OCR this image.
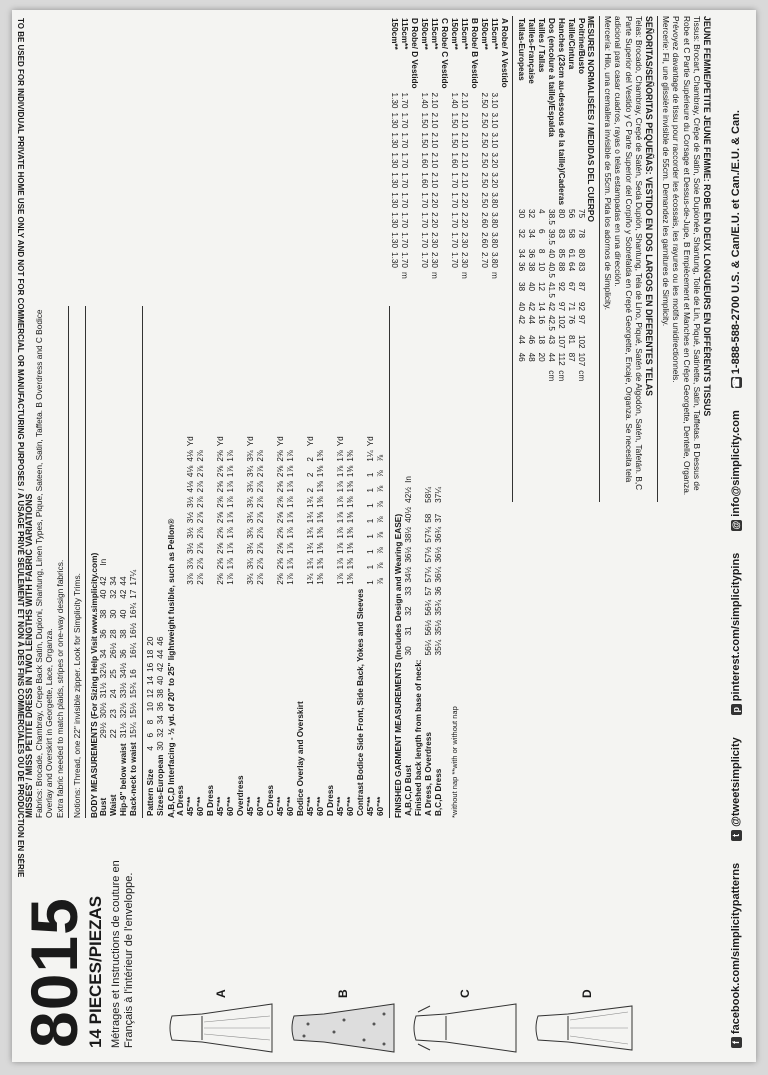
8015
14 PIECES/PIEZAS Métrages et Instructions de couture en Français à l'intérieur de l'enveloppe.	A	B	C	D
MISSES' / MISS PETITE DRESS IN TWO LENGTHS WITH FABRIC VARIATIONS Fabrics: Brocade, Chambray, Crepe Back Satin, Dupioni, Shantung, Linen Types, Pique, Sateen, Satin, Taffeta. B Overdress and C Bodice Overlay and Overskirt in Georgette, Lace, Organza. Extra fabric needed to match plaids, stripes or one-way design fabrics. Notions: Thread, one 22" invisible zipper. Look for Simplicity Trims. BODY MEASUREMENTS (For Sizing Help Visit www.simplicity.com) Bust	29½	30½	31½	32½	34	36	38	40	42	In
Waist	22	23	24	25	26½	28	30	32	34	
Hip-9" below waist	31½	32½	33½	34½	36	38	40	42	44	
Back-neck to waist	15¼	15½	15¾	16	16¼	16½	16¾	17	17¼	
Pattern Size	4	6	8	10	12	14	16	18	20	
Sizes-European	30	32	34	36	38	40	42	44	46	A,B,C,D Interfacing - ½ yd. of 20" to 25" lightweight fusible, such as Pellon® A Dress										
45"**	3⅞	3⅞	3½	3½	3½	3½	4⅛	4⅛	4⅛	Yd
60"**	2⅞	2⅞	2⅞	2⅞	2⅞	2⅞	2⅞	2⅞	2⅞	
B Dress										
45"**	2⅝	2⅝	2⅝	2⅝	2⅝	2⅝	2⅝	2⅝	2⅝	Yd
60"**	1⅞	1⅞	1⅞	1⅞	1⅞	1⅞	1⅞	1⅞	1⅞	
Overdress										
45"**	3¾	3¾	3¾	3¾	3¾	3¾	3¾	3¾	3¾	Yd
60"**	2⅞	2⅞	2⅞	2⅞	2⅞	2⅞	2⅞	2⅞	2⅞	
C Dress										
45"**	2⅝	2⅝	2⅝	2⅝	2⅝	2⅝	2⅝	2⅝	2⅝	Yd
60"**	1⅞	1⅞	1⅞	1⅞	1⅞	1⅞	1⅞	1⅞	1⅞	
Bodice Overlay and Overskirt										
45"**	1¾	1¾	1¾	1¾	1¾	1¾	2	2	2	Yd
60"**	1⅜	1⅜	1⅜	1⅜	1⅜	1⅜	1⅜	1⅜	1⅜	
D Dress										
45"**	1⅞	1⅞	1⅞	1⅞	1⅞	1⅞	1⅞	1⅞	1⅞	Yd
60"**	1⅜	1⅜	1⅜	1⅜	1⅜	1⅜	1⅜	1⅜	1⅜	
Contrast Bodice Side Front, Side Back, Yokes and Sleeves										
45"**	1	1	1	1	1	1	1	1	1¼	Yd
60"**	⅞	⅞	⅞	⅞	⅞	⅞	⅞	⅞	⅞	
FINISHED GARMENT MEASUREMENTS (Includes Design and Wearing EASE) A,B,C,D Bust	30	31	32	33	34½	36½	38½	40½	42½	In
Finished back length from base of neck:										
A Dress, B Overdress	56¼	56½	56¾	57	57¼	57½	57¾	58	58¼	
B,C,D Dress	35¼	35½	35¾	36	36¼	36½	36¾	37	37¼	
*without nap **with or without nap
JEUNE FEMME/PETITE JEUNE FEMME: ROBE EN DEUX LONGUEURS EN DIFFÉRENTS TISSUS
Tissus: Brocart, Chambray, Crêpe de Satin, Soie Dupionée, Shantung, Toile de Lin, Piqué, Satinette, Satin, Taffetas. B Dessus de Robe et C Partie Supérieure du Corsage et Dessus-de-Jupe, B Empiècement et Manches en Crêpe Georgette, Dentelle, Organza. Prévoyez davantage de tissu pour raccorder les écossais, les rayures ou les motifs unidirectionnels.
Mercerie: Fil, une glissière invisible de 55cm. Demandez les garnitures de Simplicity.
SEÑORITAS/SEÑORITAS PEQUEÑAS: VESTIDO EN DOS LARGOS EN DIFERENTES TELAS
Telas: Brocado, Chambray, Crepé de Satén, Seda Dupión, Shantung, Tela de Lino, Piqué, Satén de Algodón, Satén, Tafetán. B,C Parte Superior del Vestido y C Parte Superior del Corpiño y Sobrefalda en Crepé Georgette, Encaje, Organza. Se necesita tela adicional para casar cuadros, rayas o telas estampadas en una dirección.
Mercería: Hilo, una cremallera invisible de 55cm. Pida los adornos de Simplicity.
MESURES NORMALISÉES / MEDIDAS DEL CUERPO
Poitrine/Busto	75	78	80	83	87	92	97	102	107	cm
Taille/Cintura	56	58	61	64	67	71	76	81	87	
Hanches (23cm au-dessous de la taille)/Caderas	80	83	85	88	92	97	102	107	112	cm
Dos (encolure à taille)/Espalda	38.5	39.5	40	40.5	41.5	42	42.5	43	44	cm
Tailles / Tallas	4	6	8	10	12	14	16	18	20	
Tailles-Française	32	34	36	38	40	42	44	46	48	
Tallas-Europeas	30	32	34	36	38	40	42	44	46	
A Robe/ A Vestido										
115cm**	3.10	3.10	3.10	3.20	3.20	3.80	3.80	3.80	3.80	m
150cm**	2.50	2.50	2.50	2.50	2.50	2.50	2.60	2.60	2.70	
B Robe/ B Vestido										
115cm**	2.10	2.10	2.10	2.10	2.10	2.20	2.20	2.30	2.30	m
150cm**	1.40	1.50	1.50	1.60	1.70	1.70	1.70	1.70	1.70	
C Robe/ C Vestido										
115cm**	2.10	2.10	2.10	2.10	2.10	2.20	2.20	2.30	2.30	m
150cm**	1.40	1.50	1.50	1.60	1.60	1.70	1.70	1.70	1.70	
D Robe/ D Vestido										
115cm**	1.70	1.70	1.70	1.70	1.70	1.70	1.70	1.70	1.70	m
150cm**	1.30	1.30	1.30	1.30	1.30	1.30	1.30	1.30	1.30	
TO BE USED FOR INDIVIDUAL PRIVATE HOME USE ONLY AND NOT FOR COMMERCIAL OR MANUFACTURING PURPOSES / A USAGE PRIVÉ SEULEMENT ET NON À DES FINS COMMERCIALES OU DE PRODUCTION EN SÉRIE
ffacebook.com/simplicitypatterns
t@tweetsimplicity
ppinterest.com/simplicitypins
@info@simplicity.com
☎1-888-588-2700 U.S. & Can/E.U. et Can./E.U. & Can.
